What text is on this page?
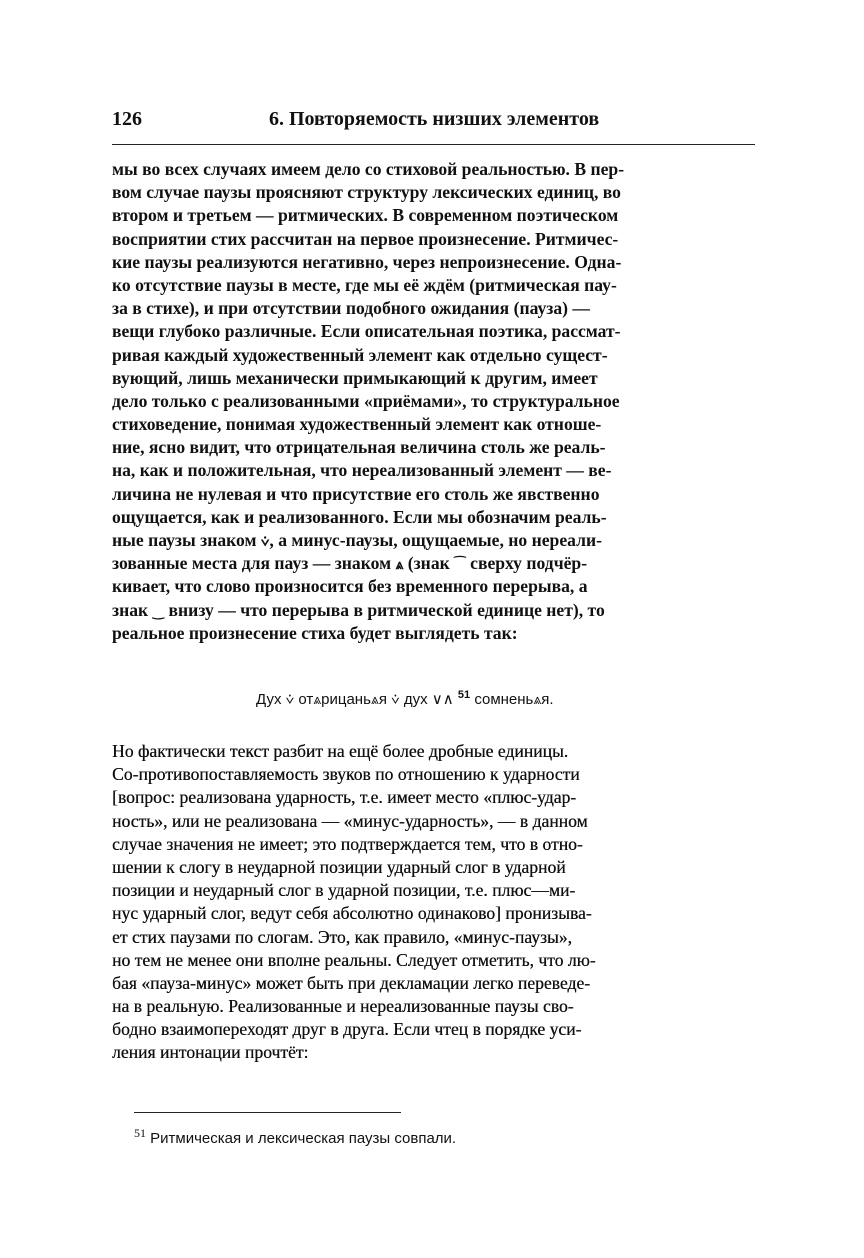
126	6. Повторяемость низших элементов
мы во всех случаях имеем дело со стиховой реальностью. В пер-
вом случае паузы проясняют структуру лексических единиц, во
втором и третьем — ритмических. В современном поэтическом
восприятии стих рассчитан на первое произнесение. Ритмичес-
кие паузы реализуются негативно, через непроизнесение. Одна-
ко отсутствие паузы в месте, где мы её ждём (ритмическая пау-
за в стихе), и при отсутствии подобного ожидания (пауза) —
вещи глубоко различные. Если описательная поэтика, рассмат-
ривая каждый художественный элемент как отдельно сущест-
вующий, лишь механически примыкающий к другим, имеет
дело только с реализованными «приёмами», то структуральное
стиховедение, понимая художественный элемент как отноше-
ние, ясно видит, что отрицательная величина столь же реаль-
на, как и положительная, что нереализованный элемент — ве-
личина не нулевая и что присутствие его столь же явственно
ощущается, как и реализованного. Если мы обозначим реаль-
ные паузы знаком ⩒, а минус-паузы, ощущаемые, но нереали-
зованные места для пауз — знаком ⩓ (знак ⁀ сверху подчёр-
кивает, что слово произносится без временного перерыва, а
знак ‿ внизу — что перерыва в ритмической единице нет), то
реальное произнесение стиха будет выглядеть так:
Дух ⩒ от⩓рицань⩓я ⩒ дух ∨∧ $^{51}$ сомнень⩓я.
Но фактически текст разбит на ещё более дробные единицы.
Со-противопоставляемость звуков по отношению к ударности
[вопрос: реализована ударность, т.е. имеет место «плюс-удар-
ность», или не реализована — «минус-ударность», — в данном
случае значения не имеет; это подтверждается тем, что в отно-
шении к слогу в неударной позиции ударный слог в ударной
позиции и неударный слог в ударной позиции, т.е. плюс—ми-
нус ударный слог, ведут себя абсолютно одинаково] пронизыва-
ет стих паузами по слогам. Это, как правило, «минус-паузы»,
но тем не менее они вполне реальны. Следует отметить, что лю-
бая «пауза-минус» может быть при декламации легко переведе-
на в реальную. Реализованные и нереализованные паузы сво-
бодно взаимопереходят друг в друга. Если чтец в порядке уси-
ления интонации прочтёт:
$^{51}$ Ритмическая и лексическая паузы совпали.
